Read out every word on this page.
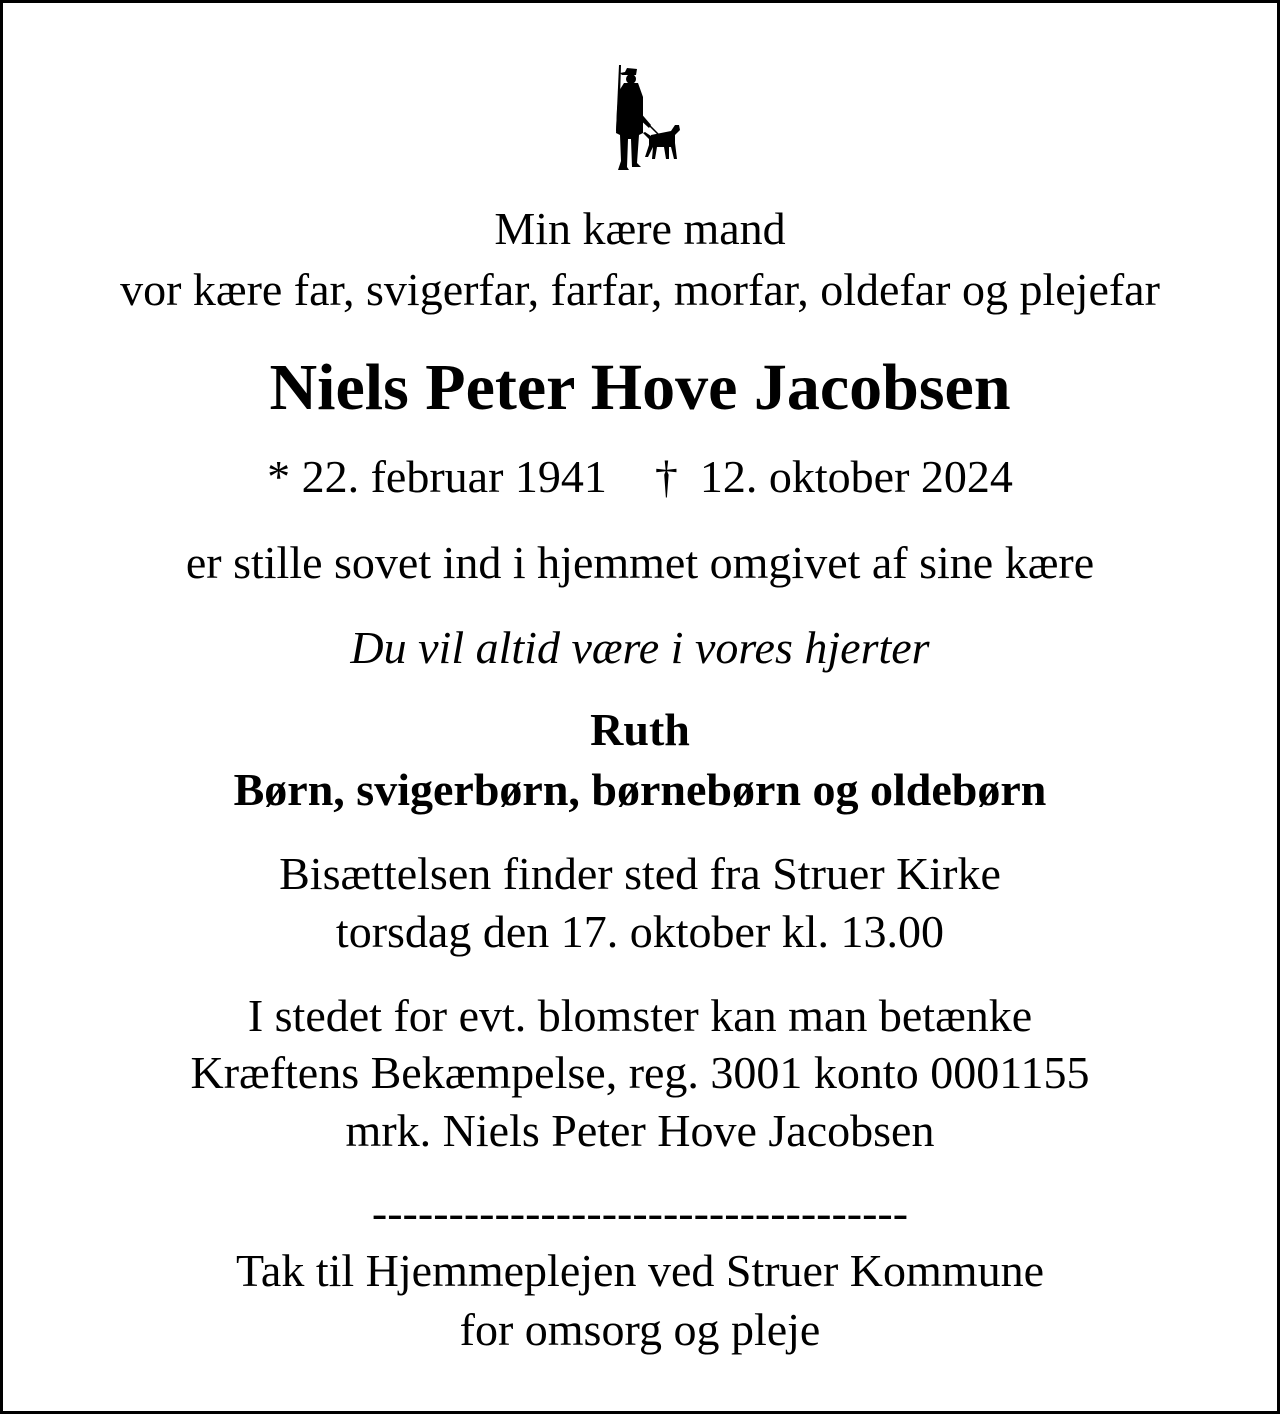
Min kære mand
vor kære far, svigerfar, farfar, morfar, oldefar og plejefar
Niels Peter Hove Jacobsen
*
22. februar 1941 † 12. oktober 2024
er stille sovet ind i hjemmet omgivet af sine kære
Du vil altid være i vores hjerter
Ruth
Børn, svigerbørn, børnebørn og oldebørn
Bisættelsen finder sted fra Struer Kirke
torsdag den 17. oktober kl. 13.00
I stedet for evt. blomster kan man betænke
Kræftens Bekæmpelse, reg. 3001 konto 0001155
mrk. Niels Peter Hove Jacobsen
-----------------------------------
Tak til Hjemmeplejen ved Struer Kommune
for omsorg og pleje
